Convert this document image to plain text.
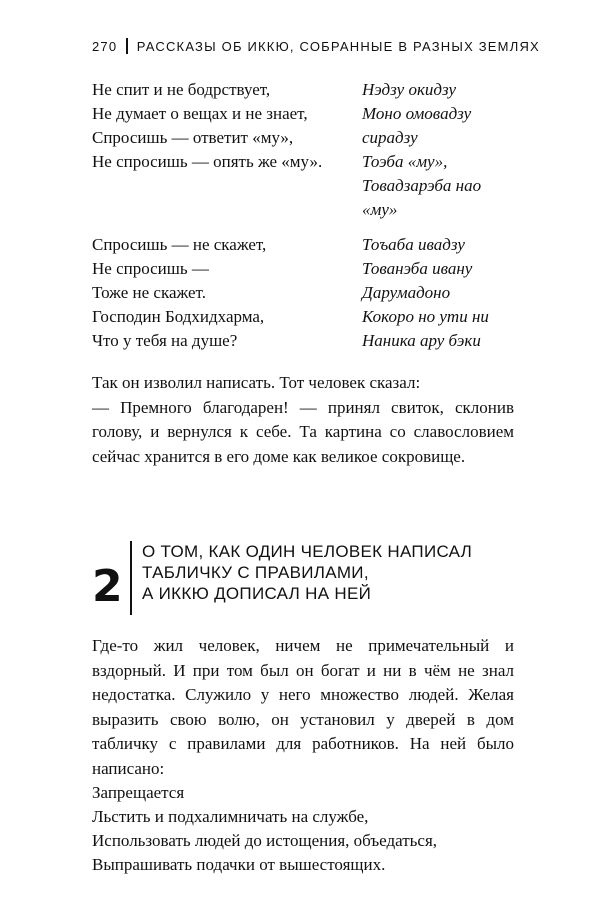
270 РАССКАЗЫ ОБ ИККЮ, СОБРАННЫЕ В РАЗНЫХ ЗЕМЛЯХ
Не спит и не бодрствует,
Не думает о вещах и не знает,
Спросишь — ответит «му»,
Не спросишь — опять же «му».
Нэдзу окидзу
Моно омовадзу
сирадзу
Тоэба «му»,
Товадзарэба нао
«му»
Спросишь — не скажет,
Не спросишь —
Тоже не скажет.
Господин Бодхидхарма,
Что у тебя на душе?
Тоъаба ивадзу
Тованэба ивану
Дарумадоно
Кокоро но ути ни
Наника ару бэки

Так он изволил написать. Тот человек сказал:

— Премного благодарен! — принял свиток, склонив голову, и вернулся к себе. Та картина со славословием сейчас хранится в его доме как великое сокровище.

2
О ТОМ, КАК ОДИН ЧЕЛОВЕК НАПИСАЛ
ТАБЛИЧКУ С ПРАВИЛАМИ,
А ИККЮ ДОПИСАЛ НА НЕЙ

Где-то жил человек, ничем не примечательный и вздорный. И при том был он богат и ни в чём не знал недостатка. Служило у него множество людей. Желая выразить свою волю, он установил у дверей в дом табличку с правилами для работников. На ней было написано:

Запрещается
Льстить и подхалимничать на службе,
Использовать людей до истощения, объедаться,
Выпрашивать подачки от вышестоящих.
